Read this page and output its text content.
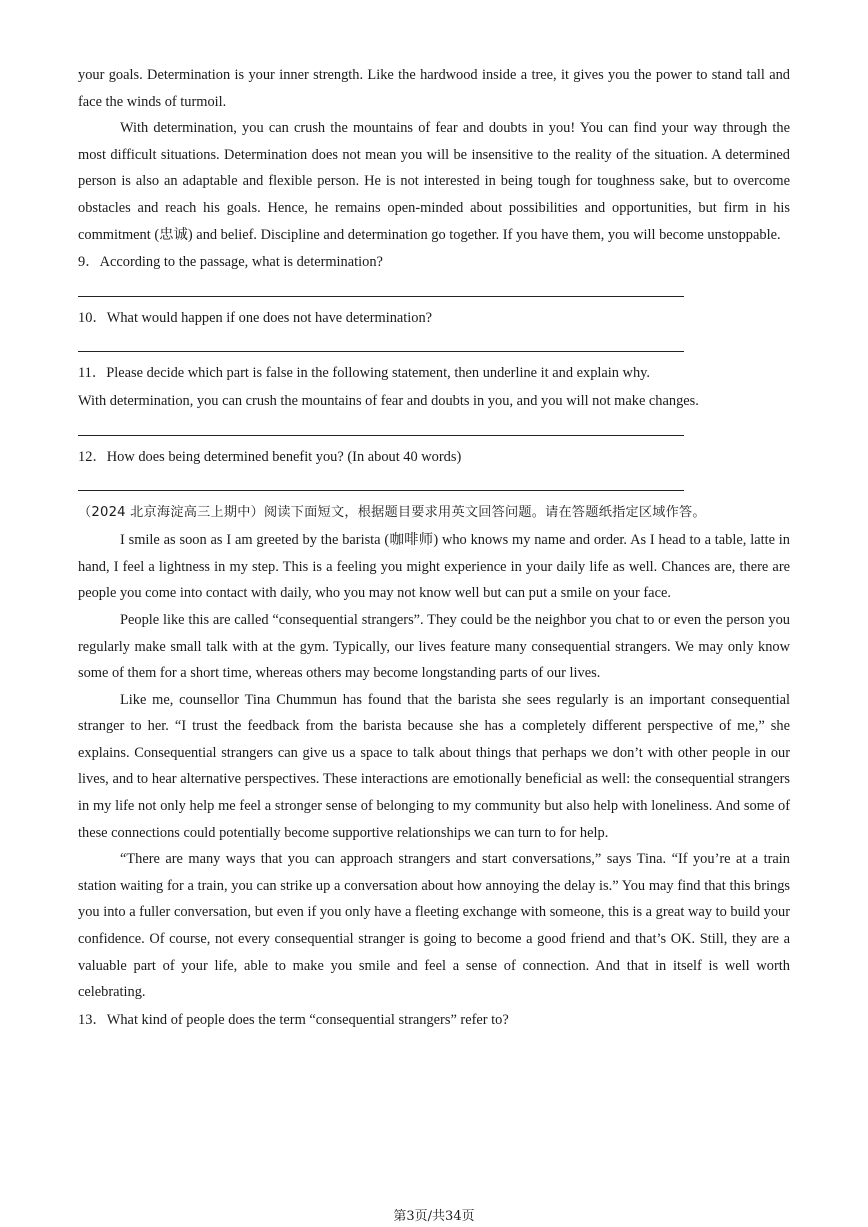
your goals. Determination is your inner strength. Like the hardwood inside a tree, it gives you the power to stand tall and face the winds of turmoil.

With determination, you can crush the mountains of fear and doubts in you! You can find your way through the most difficult situations. Determination does not mean you will be insensitive to the reality of the situation. A determined person is also an adaptable and flexible person. He is not interested in being tough for toughness sake, but to overcome obstacles and reach his goals. Hence, he remains open-minded about possibilities and opportunities, but firm in his commitment (忠诚) and belief. Discipline and determination go together. If you have them, you will become unstoppable.

9．According to the passage, what is determination?
10．What would happen if one does not have determination?
11．Please decide which part is false in the following statement, then underline it and explain why.
With determination, you can crush the mountains of fear and doubts in you, and you will not make changes.
12．How does being determined benefit you? (In about 40 words)
（2024 北京海淀高三上期中）阅读下面短文，根据题目要求用英文回答问题。请在答题纸指定区域作答。

I smile as soon as I am greeted by the barista (咖啡师) who knows my name and order. As I head to a table, latte in hand, I feel a lightness in my step. This is a feeling you might experience in your daily life as well. Chances are, there are people you come into contact with daily, who you may not know well but can put a smile on your face.

People like this are called “consequential strangers”. They could be the neighbor you chat to or even the person you regularly make small talk with at the gym. Typically, our lives feature many consequential strangers. We may only know some of them for a short time, whereas others may become longstanding parts of our lives.

Like me, counsellor Tina Chummun has found that the barista she sees regularly is an important consequential stranger to her. “I trust the feedback from the barista because she has a completely different perspective of me,” she explains. Consequential strangers can give us a space to talk about things that perhaps we don’t with other people in our lives, and to hear alternative perspectives. These interactions are emotionally beneficial as well: the consequential strangers in my life not only help me feel a stronger sense of belonging to my community but also help with loneliness. And some of these connections could potentially become supportive relationships we can turn to for help.

“There are many ways that you can approach strangers and start conversations,” says Tina. “If you’re at a train station waiting for a train, you can strike up a conversation about how annoying the delay is.” You may find that this brings you into a fuller conversation, but even if you only have a fleeting exchange with someone, this is a great way to build your confidence. Of course, not every consequential stranger is going to become a good friend and that’s OK. Still, they are a valuable part of your life, able to make you smile and feel a sense of connection. And that in itself is well worth celebrating.

13．What kind of people does the term “consequential strangers” refer to?
第3页/共34页
